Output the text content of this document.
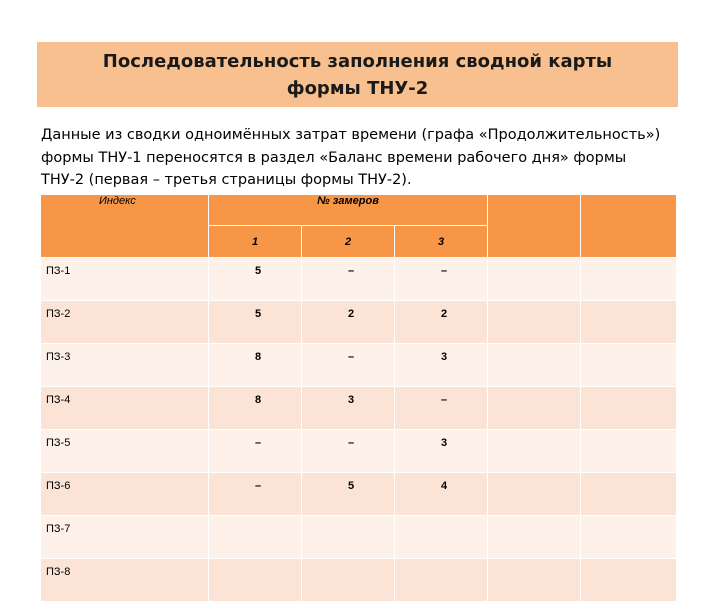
Последовательность заполнения сводной карты
формы ТНУ-2
Данные из сводки одноимённых затрат времени (графа «Продолжительность»)
формы ТНУ-1 переносятся в раздел «Баланс времени рабочего дня» формы
ТНУ-2 (первая – третья страницы формы ТНУ-2).
Индекс	№ замеров				
	1	2	3		
ПЗ-1	5	–	–		
ПЗ-2	5	2	2		
ПЗ-3	8	–	3		
ПЗ-4	8	3	–		
ПЗ-5	–	–	3		
ПЗ-6	–	5	4		
ПЗ-7					
ПЗ-8					
